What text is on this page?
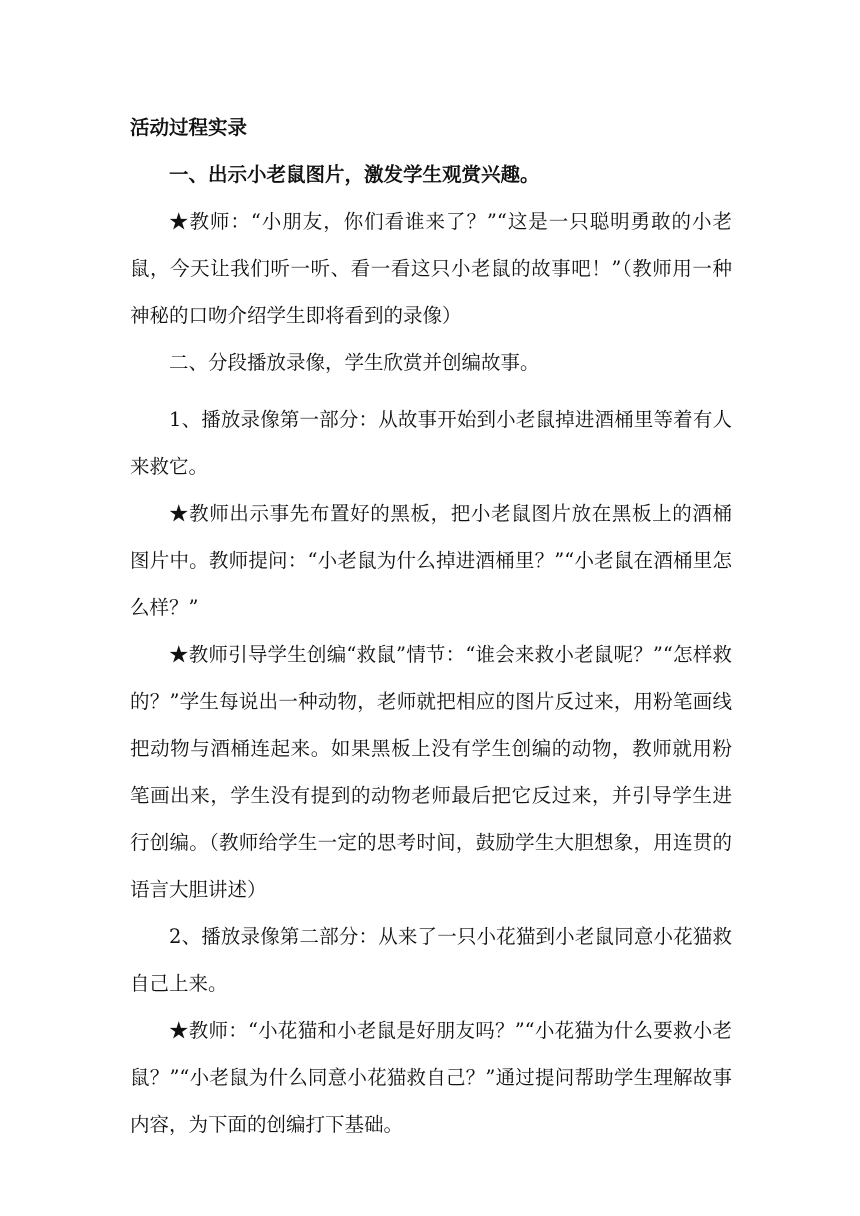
活动过程实录
一、出示小老鼠图片，激发学生观赏兴趣。

★教师：“小朋友，你们看谁来了？”“这是一只聪明勇敢的小老鼠，今天让我们听一听、看一看这只小老鼠的故事吧！”（教师用一种神秘的口吻介绍学生即将看到的录像）

二、分段播放录像，学生欣赏并创编故事。

1、播放录像第一部分：从故事开始到小老鼠掉进酒桶里等着有人来救它。

★教师出示事先布置好的黑板，把小老鼠图片放在黑板上的酒桶图片中。教师提问：“小老鼠为什么掉进酒桶里？”“小老鼠在酒桶里怎么样？”

★教师引导学生创编“救鼠”情节：“谁会来救小老鼠呢？”“怎样救的？”学生每说出一种动物，老师就把相应的图片反过来，用粉笔画线把动物与酒桶连起来。如果黑板上没有学生创编的动物，教师就用粉笔画出来，学生没有提到的动物老师最后把它反过来，并引导学生进行创编。（教师给学生一定的思考时间，鼓励学生大胆想象，用连贯的语言大胆讲述）

2、播放录像第二部分：从来了一只小花猫到小老鼠同意小花猫救自己上来。

★教师：“小花猫和小老鼠是好朋友吗？”“小花猫为什么要救小老鼠？”“小老鼠为什么同意小花猫救自己？”通过提问帮助学生理解故事内容，为下面的创编打下基础。
